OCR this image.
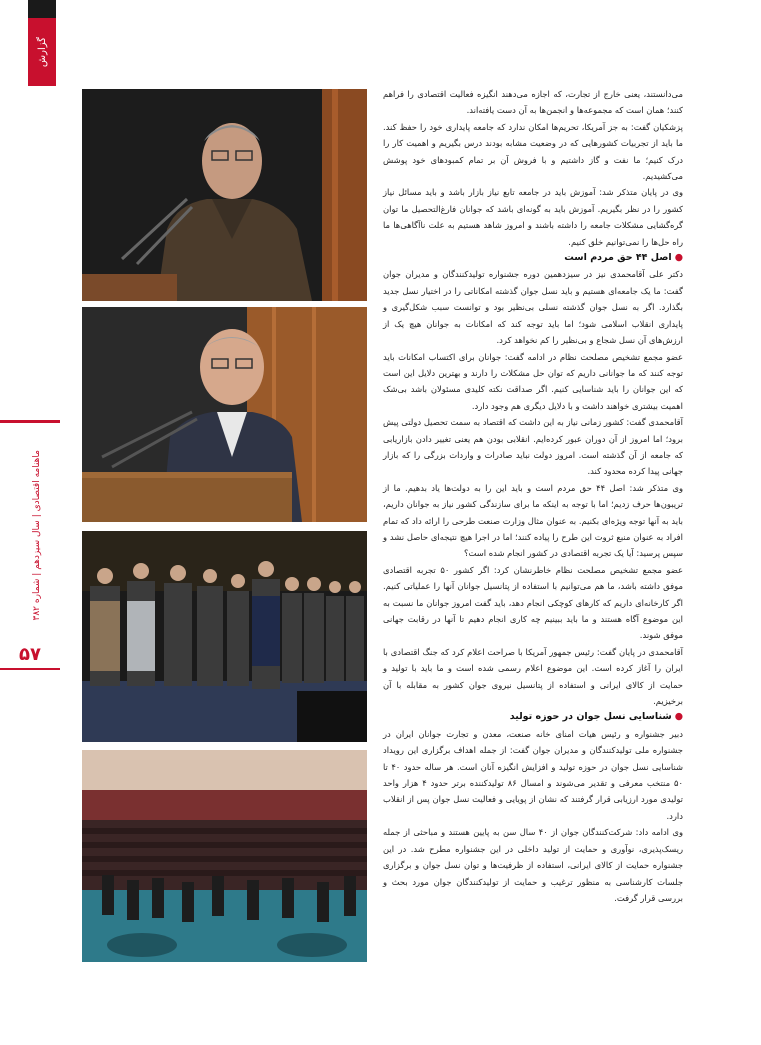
گزارش
ماهنامه اقتصادی | سال سیزدهم | شماره ۳۸۲
۵۷

می‌دانستند، یعنی خارج از تجارت، که اجازه می‌دهند انگیزه فعالیت اقتصادی را فراهم کنند؛ همان است که مجموعه‌ها و انجمن‌ها به آن دست یافته‌اند.

پزشکیان گفت: به جز آمریکا، تحریم‌ها امکان ندارد که جامعه پایداری خود را حفظ کند. ما باید از تجربیات کشورهایی که در وضعیت مشابه بودند درس بگیریم و اهمیت کار را درک کنیم؛ ما نفت و گاز داشتیم و با فروش آن بر تمام کمبودهای خود پوشش می‌کشیدیم.

وی در پایان متذکر شد: آموزش باید در جامعه تابع نیاز بازار باشد و باید مسائل نیاز کشور را در نظر بگیریم. آموزش باید به گونه‌ای باشد که جوانان فارغ‌التحصیل ما توان گره‌گشایی مشکلات جامعه را داشته باشند و امروز شاهد هستیم به علت ناآگاهی‌ها ما راه حل‌ها را نمی‌توانیم خلق کنیم.

●اصل ۴۴ حق مردم است

دکتر علی آقامحمدی نیز در سیزدهمین دوره جشنواره تولیدکنندگان و مدیران جوان گفت: ما یک جامعه‌ای هستیم و باید نسل جوان گذشته امکاناتی را در اختیار نسل جدید بگذارد. اگر به نسل جوان گذشته نسلی بی‌نظیر بود و توانست سبب شکل‌گیری و پایداری انقلاب اسلامی شود؛ اما باید توجه کند که امکانات به جوانان هیچ یک از ارزش‌های آن نسل شجاع و بی‌نظیر را کم نخواهد کرد.

عضو مجمع تشخیص مصلحت نظام در ادامه گفت: جوانان برای اکتساب امکانات باید توجه کنند که ما جوانانی داریم که توان حل مشکلات را دارند و بهترین دلایل این است که این جوانان را باید شناسایی کنیم. اگر صداقت نکته کلیدی مسئولان باشد بی‌شک اهمیت بیشتری خواهند داشت و با دلایل دیگری هم وجود دارد.

آقامحمدی گفت: کشور زمانی نیاز به این داشت که اقتصاد به سمت تحصیل دولتی پیش برود؛ اما امروز از آن دوران عبور کرده‌ایم. انقلابی بودن هم یعنی تغییر دادن بازاریابی که جامعه از آن گذشته است. امروز دولت نباید صادرات و واردات بزرگی را که بازار جهانی پیدا کرده محدود کند.

وی متذکر شد: اصل ۴۴ حق مردم است و باید این را به دولت‌ها یاد بدهیم. ما از تریبون‌ها حرف زدیم؛ اما با توجه به اینکه ما برای سازندگی کشور نیاز به جوانان داریم، باید به آنها توجه ویژه‌ای بکنیم. به عنوان مثال وزارت صنعت طرحی را ارائه داد که تمام افراد به عنوان منبع ثروت این طرح را پیاده کنند؛ اما در اجرا هیچ نتیجه‌ای حاصل نشد و سپس پرسید: آیا یک تجربه اقتصادی در کشور انجام شده است؟

عضو مجمع تشخیص مصلحت نظام خاطرنشان کرد: اگر کشور ۵۰ تجربه اقتصادی موفق داشته باشد، ما هم می‌توانیم با استفاده از پتانسیل جوانان آنها را عملیاتی کنیم. اگر کارخانه‌ای داریم که کارهای کوچکی انجام دهد، باید گفت امروز جوانان ما نسبت به این موضوع آگاه هستند و ما باید ببینیم چه کاری انجام دهیم تا آنها در رقابت جهانی موفق شوند.

آقامحمدی در پایان گفت: رئیس جمهور آمریکا با صراحت اعلام کرد که جنگ اقتصادی با ایران را آغاز کرده است. این موضوع اعلام رسمی شده است و ما باید با تولید و حمایت از کالای ایرانی و استفاده از پتانسیل نیروی جوان کشور به مقابله با آن برخیزیم.

●شناسایی نسل جوان در حوزه تولید

دبیر جشنواره و رئیس هیات امنای خانه صنعت، معدن و تجارت جوانان ایران در جشنواره ملی تولیدکنندگان و مدیران جوان گفت: از جمله اهداف برگزاری این رویداد شناسایی نسل جوان در حوزه تولید و افزایش انگیزه آنان است. هر ساله حدود ۴۰ تا ۵۰ منتخب معرفی و تقدیر می‌شوند و امسال ۸۶ تولیدکننده برتر حدود ۴ هزار واحد تولیدی مورد ارزیابی قرار گرفتند که نشان از پویایی و فعالیت نسل جوان پس از انقلاب دارد.

وی ادامه داد: شرکت‌کنندگان جوان از ۴۰ سال سن به پایین هستند و مباحثی از جمله ریسک‌پذیری، نوآوری و حمایت از تولید داخلی در این جشنواره مطرح شد. در این جشنواره حمایت از کالای ایرانی، استفاده از ظرفیت‌ها و توان نسل جوان و برگزاری جلسات کارشناسی به منظور ترغیب و حمایت از تولیدکنندگان جوان مورد بحث و بررسی قرار گرفت.
